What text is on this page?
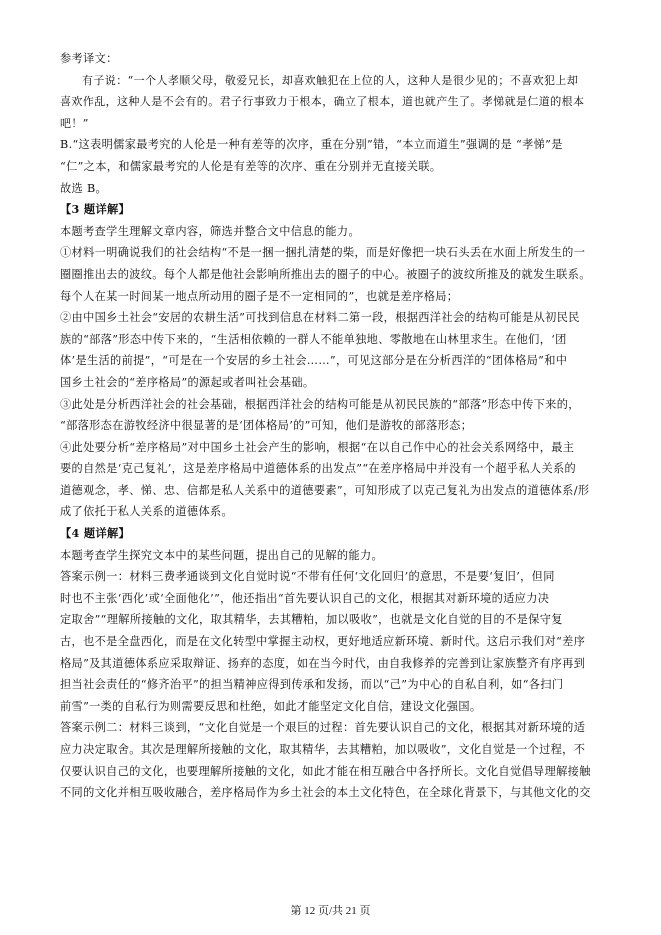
参考译文：
有子说：“一个人孝顺父母，敬爱兄长，却喜欢触犯在上位的人，这种人是很少见的；不喜欢犯上却
喜欢作乱，这种人是不会有的。君子行事致力于根本，确立了根本，道也就产生了。孝悌就是仁道的根本
吧！”
B.“这表明儒家最考究的人伦是一种有差等的次序，重在分别”错，“本立而道生”强调的是 “孝悌”是
“仁”之本，和儒家最考究的人伦是有差等的次序、重在分别并无直接关联。
故选 B。
【3 题详解】
本题考查学生理解文章内容，筛选并整合文中信息的能力。
①材料一明确说我们的社会结构“不是一捆一捆扎清楚的柴，而是好像把一块石头丢在水面上所发生的一
圈圈推出去的波纹。每个人都是他社会影响所推出去的圈子的中心。被圈子的波纹所推及的就发生联系。
每个人在某一时间某一地点所动用的圈子是不一定相同的”，也就是差序格局；
②由中国乡土社会“安居的农耕生活”可找到信息在材料二第一段，根据西洋社会的结构可能是从初民民
族的“部落”形态中传下来的，“生活相依赖的一群人不能单独地、零散地在山林里求生。在他们，‘团
体’是生活的前提”，“可是在一个安居的乡土社会……”，可见这部分是在分析西洋的“团体格局”和中
国乡土社会的“差序格局”的源起或者叫社会基础。
③此处是分析西洋社会的社会基础，根据西洋社会的结构可能是从初民民族的“部落”形态中传下来的，
“部落形态在游牧经济中很显著的是‘团体格局’的”可知，他们是游牧的部落形态；
④此处要分析“差序格局”对中国乡土社会产生的影响，根据“在以自己作中心的社会关系网络中，最主
要的自然是‘克己复礼’，这是差序格局中道德体系的出发点”“在差序格局中并没有一个超乎私人关系的
道德观念，孝、悌、忠、信都是私人关系中的道德要素”，可知形成了以克己复礼为出发点的道德体系/形
成了依托于私人关系的道德体系。
【4 题详解】
本题考查学生探究文本中的某些问题，提出自己的见解的能力。
答案示例一：材料三费孝通谈到文化自觉时说“不带有任何‘文化回归’的意思，不是要‘复旧’，但同
时也不主张‘西化’或‘全面他化’”，他还指出“首先要认识自己的文化，根据其对新环境的适应力决
定取舍”“理解所接触的文化，取其精华，去其糟粕，加以吸收”，也就是文化自觉的目的不是保守复
古，也不是全盘西化，而是在文化转型中掌握主动权，更好地适应新环境、新时代。这启示我们对“差序
格局”及其道德体系应采取辩证、扬弃的态度，如在当今时代，由自我修养的完善到让家族整齐有序再到
担当社会责任的“修齐治平”的担当精神应得到传承和发扬，而以“己”为中心的自私自利，如“各扫门
前雪”一类的自私行为则需要反思和杜绝，如此才能坚定文化自信，建设文化强国。
答案示例二：材料三谈到，“文化自觉是一个艰巨的过程：首先要认识自己的文化，根据其对新环境的适
应力决定取舍。其次是理解所接触的文化，取其精华，去其糟粕，加以吸收”，文化自觉是一个过程，不
仅要认识自己的文化，也要理解所接触的文化，如此才能在相互融合中各抒所长。文化自觉倡导理解接触
不同的文化并相互吸收融合，差序格局作为乡土社会的本土文化特色，在全球化背景下，与其他文化的交
第 12 页/共 21 页
